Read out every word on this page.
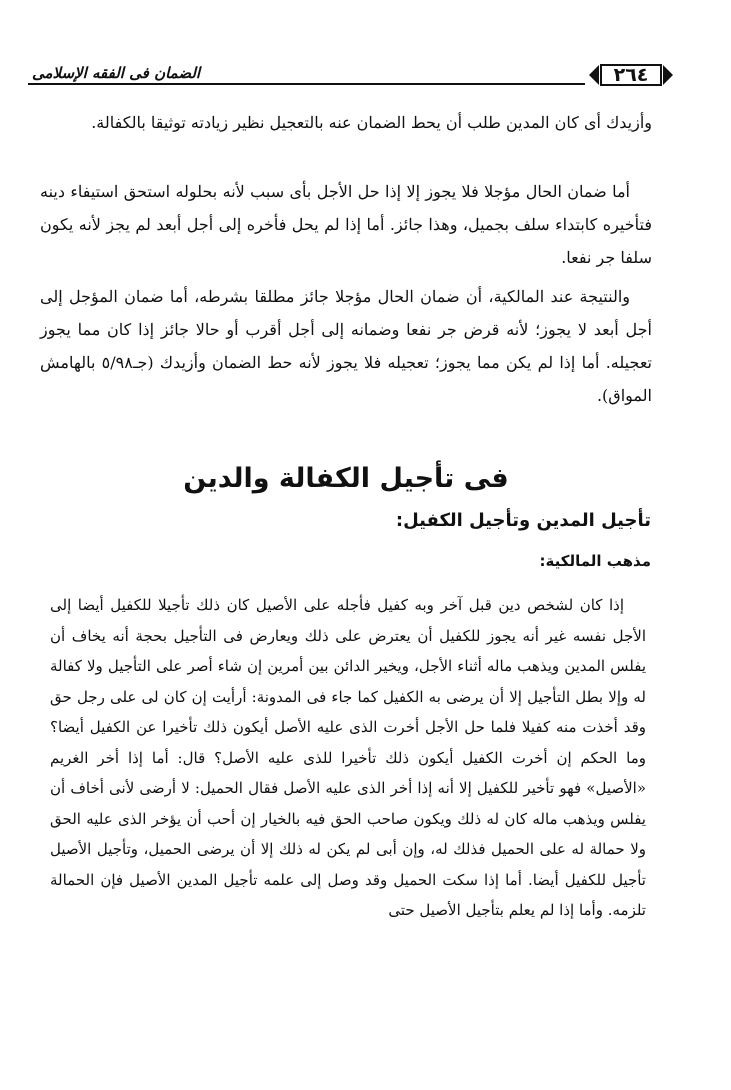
الضمان فى الفقه الإسلامى	٢٦٤
وأزيدك أى كان المدين طلب أن يحط الضمان عنه بالتعجيل نظير زيادته توثيقا بالكفالة.
أما ضمان الحال مؤجلا فلا يجوز إلا إذا حل الأجل بأى سبب لأنه بحلوله استحق استيفاء دينه فتأخيره كابتداء سلف بجميل، وهذا جائز. أما إذا لم يحل فأخره إلى أجل أبعد لم يجز لأنه يكون سلفا جر نفعا.
والنتيجة عند المالكية، أن ضمان الحال مؤجلا جائز مطلقا بشرطه، أما ضمان المؤجل إلى أجل أبعد لا يجوز؛ لأنه قرض جر نفعا وضمانه إلى أجل أقرب أو حالا جائز إذا كان مما يجوز تعجيله. أما إذا لم يكن مما يجوز؛ تعجيله فلا يجوز لأنه حط الضمان وأزيدك (جـ٥/٩٨ بالهامش المواق).
فى تأجيل الكفالة والدين
تأجيل المدين وتأجيل الكفيل:
مذهب المالكية:
إذا كان لشخص دين قبل آخر وبه كفيل فأجله على الأصيل كان ذلك تأجيلا للكفيل أيضا إلى الأجل نفسه غير أنه يجوز للكفيل أن يعترض على ذلك ويعارض فى التأجيل بحجة أنه يخاف أن يفلس المدين ويذهب ماله أثناء الأجل، ويخير الدائن بين أمرين إن شاء أصر على التأجيل ولا كفالة له وإلا بطل التأجيل إلا أن يرضى به الكفيل كما جاء فى المدونة: أرأيت إن كان لى على رجل حق وقد أخذت منه كفيلا فلما حل الأجل أخرت الذى عليه الأصل أيكون ذلك تأخيرا عن الكفيل أيضا؟ وما الحكم إن أخرت الكفيل أيكون ذلك تأخيرا للذى عليه الأصل؟ قال: أما إذا أخر الغريم «الأصيل» فهو تأخير للكفيل إلا أنه إذا أخر الذى عليه الأصل فقال الحميل: لا أرضى لأنى أخاف أن يفلس ويذهب ماله كان له ذلك ويكون صاحب الحق فيه بالخيار إن أحب أن يؤخر الذى عليه الحق ولا حمالة له على الحميل فذلك له، وإن أبى لم يكن له ذلك إلا أن يرضى الحميل، وتأجيل الأصيل تأجيل للكفيل أيضا. أما إذا سكت الحميل وقد وصل إلى علمه تأجيل المدين الأصيل فإن الحمالة تلزمه. وأما إذا لم يعلم بتأجيل الأصيل حتى
